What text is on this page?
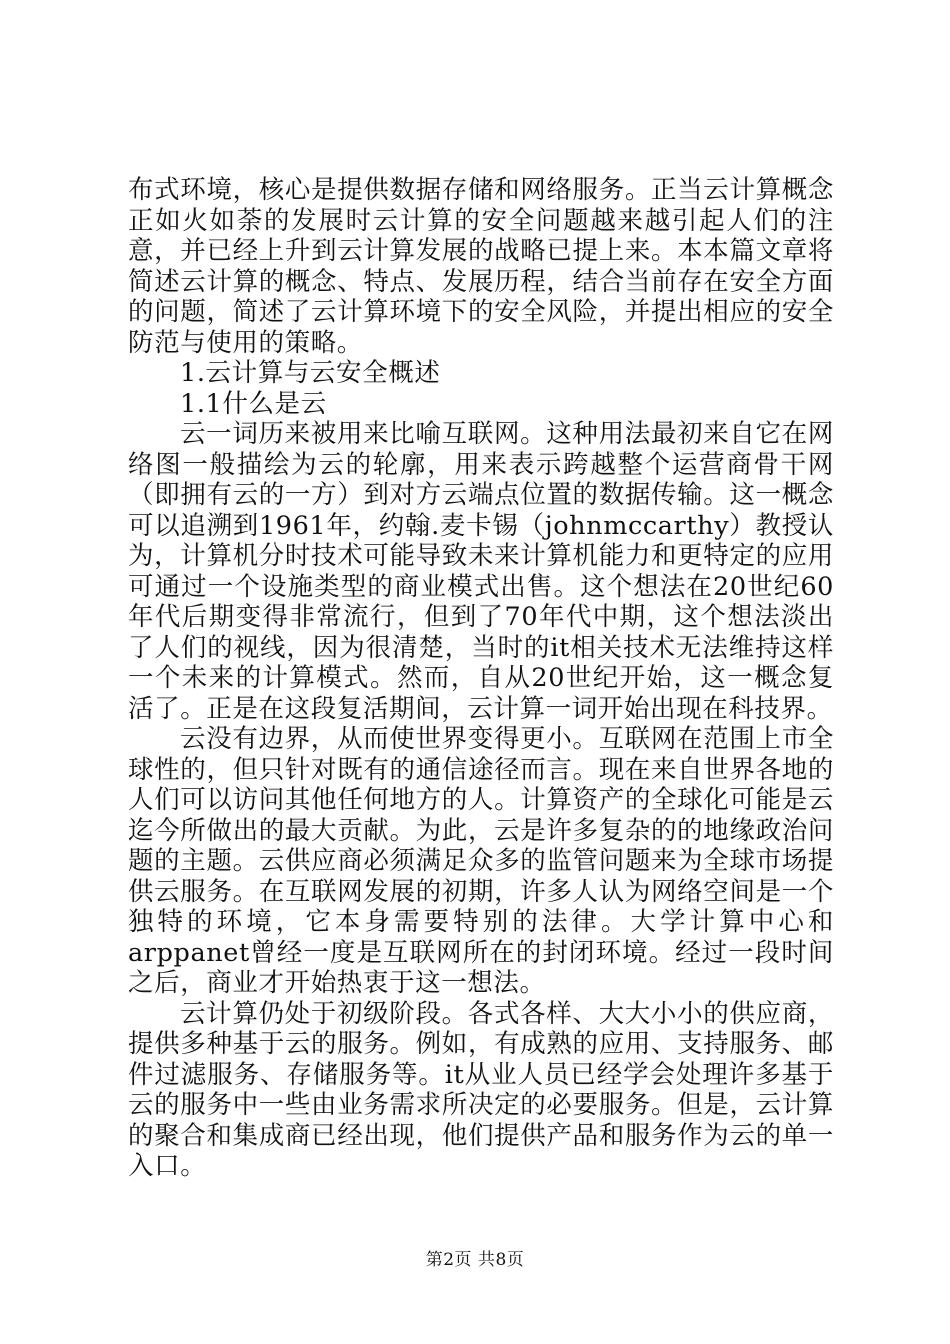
布式环境，核心是提供数据存储和网络服务。正当云计算概念正如火如荼的发展时云计算的安全问题越来越引起人们的注意，并已经上升到云计算发展的战略已提上来。本本篇文章将简述云计算的概念、特点、发展历程，结合当前存在安全方面的问题，简述了云计算环境下的安全风险，并提出相应的安全防范与使用的策略。

1.云计算与云安全概述

1.1什么是云

云一词历来被用来比喻互联网。这种用法最初来自它在网络图一般描绘为云的轮廓，用来表示跨越整个运营商骨干网（即拥有云的一方）到对方云端点位置的数据传输。这一概念可以追溯到1961年，约翰.麦卡锡（johnmccarthy）教授认为，计算机分时技术可能导致未来计算机能力和更特定的应用可通过一个设施类型的商业模式出售。这个想法在20世纪60年代后期变得非常流行，但到了70年代中期，这个想法淡出了人们的视线，因为很清楚，当时的it相关技术无法维持这样一个未来的计算模式。然而，自从20世纪开始，这一概念复活了。正是在这段复活期间，云计算一词开始出现在科技界。

云没有边界，从而使世界变得更小。互联网在范围上市全球性的，但只针对既有的通信途径而言。现在来自世界各地的人们可以访问其他任何地方的人。计算资产的全球化可能是云迄今所做出的最大贡献。为此，云是许多复杂的的地缘政治问题的主题。云供应商必须满足众多的监管问题来为全球市场提供云服务。在互联网发展的初期，许多人认为网络空间是一个独特的环境，它本身需要特别的法律。大学计算中心和arppanet曾经一度是互联网所在的封闭环境。经过一段时间之后，商业才开始热衷于这一想法。

云计算仍处于初级阶段。各式各样、大大小小的供应商，提供多种基于云的服务。例如，有成熟的应用、支持服务、邮件过滤服务、存储服务等。it从业人员已经学会处理许多基于云的服务中一些由业务需求所决定的必要服务。但是，云计算的聚合和集成商已经出现，他们提供产品和服务作为云的单一入口。

第2页 共8页
